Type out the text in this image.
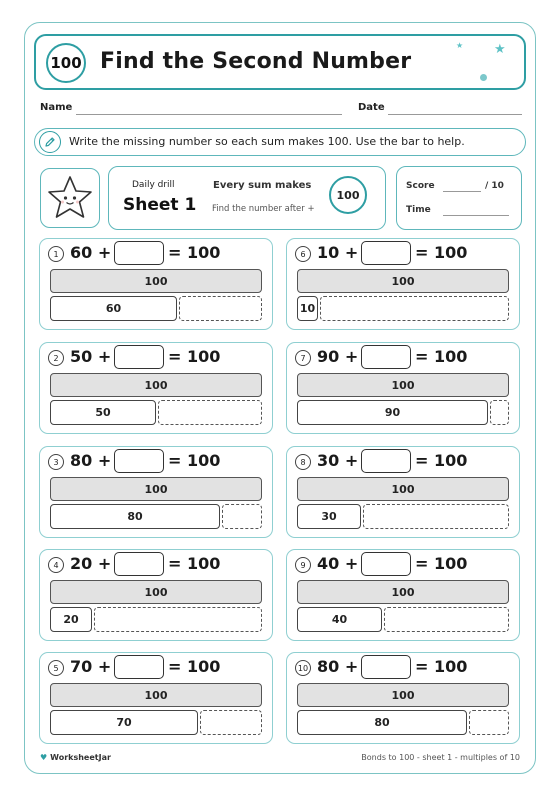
100 Find the Second Number
★ ★
Name	Date
Write the missing number so each sum makes 100. Use the bar to help.
Daily drill
Sheet 1
Every sum makes
Find the number after +
100
Score	/ 10
Time
1 60 +	= 100
100
60
2 50 +	= 100
100
50
3 80 +	= 100
100
80
4 20 +	= 100
100
20
5 70 +	= 100
100
70
6 10 +	= 100
100
10
7 90 +	= 100
100
90
8 30 +	= 100
100
30
9 40 +	= 100
100
40
10 80 +	= 100
100
80
♥ WorksheetJar	Bonds to 100 - sheet 1 - multiples of 10
